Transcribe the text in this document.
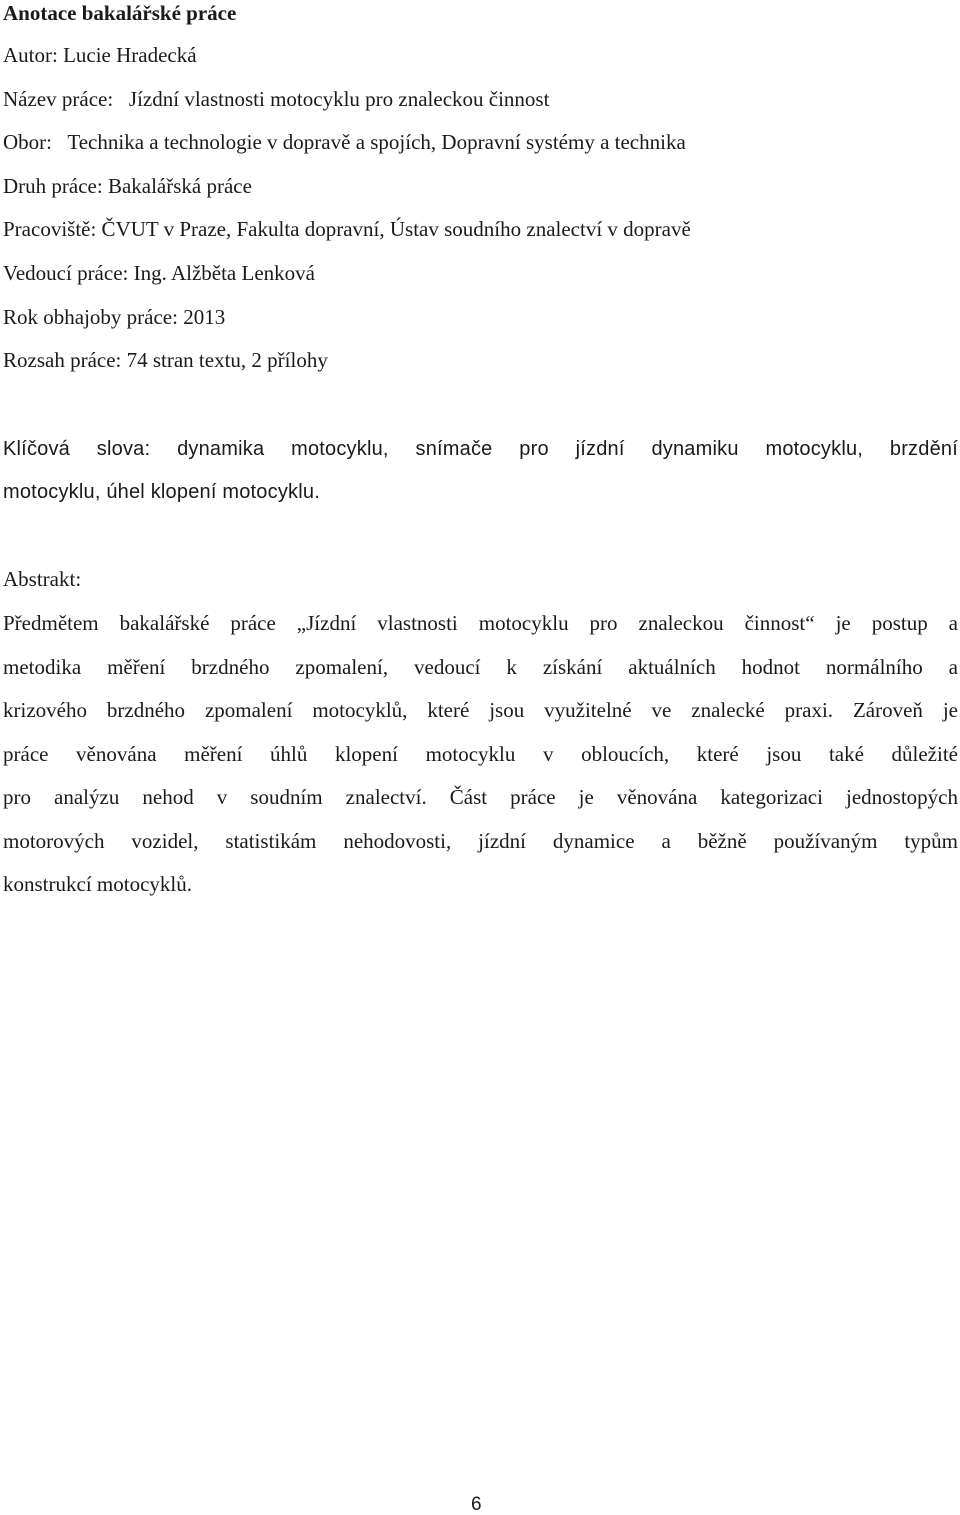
Anotace bakalářské práce
Autor: Lucie Hradecká
Název práce: Jízdní vlastnosti motocyklu pro znaleckou činnost
Obor:   Technika a technologie v dopravě a spojích, Dopravní systémy a technika
Druh práce: Bakalářská práce
Pracoviště: ČVUT v Praze, Fakulta dopravní, Ústav soudního znalectví v dopravě
Vedoucí práce: Ing. Alžběta Lenková
Rok obhajoby práce: 2013
Rozsah práce: 74 stran textu, 2 přílohy
Klíčová slova: dynamika motocyklu, snímače pro jízdní dynamiku motocyklu, brzdění
motocyklu, úhel klopení motocyklu.
Abstrakt:
Předmětem bakalářské práce „Jízdní vlastnosti motocyklu pro znaleckou činnost“ je postup a
metodika měření brzdného zpomalení, vedoucí k získání aktuálních hodnot normálního a
krizového brzdného zpomalení motocyklů, které jsou využitelné ve znalecké praxi. Zároveň je
práce věnována měření úhlů klopení motocyklu v obloucích, které jsou také důležité
pro analýzu nehod v soudním znalectví. Část práce je věnována kategorizaci jednostopých
motorových vozidel, statistikám nehodovosti, jízdní dynamice a běžně používaným typům
konstrukcí motocyklů.
6
